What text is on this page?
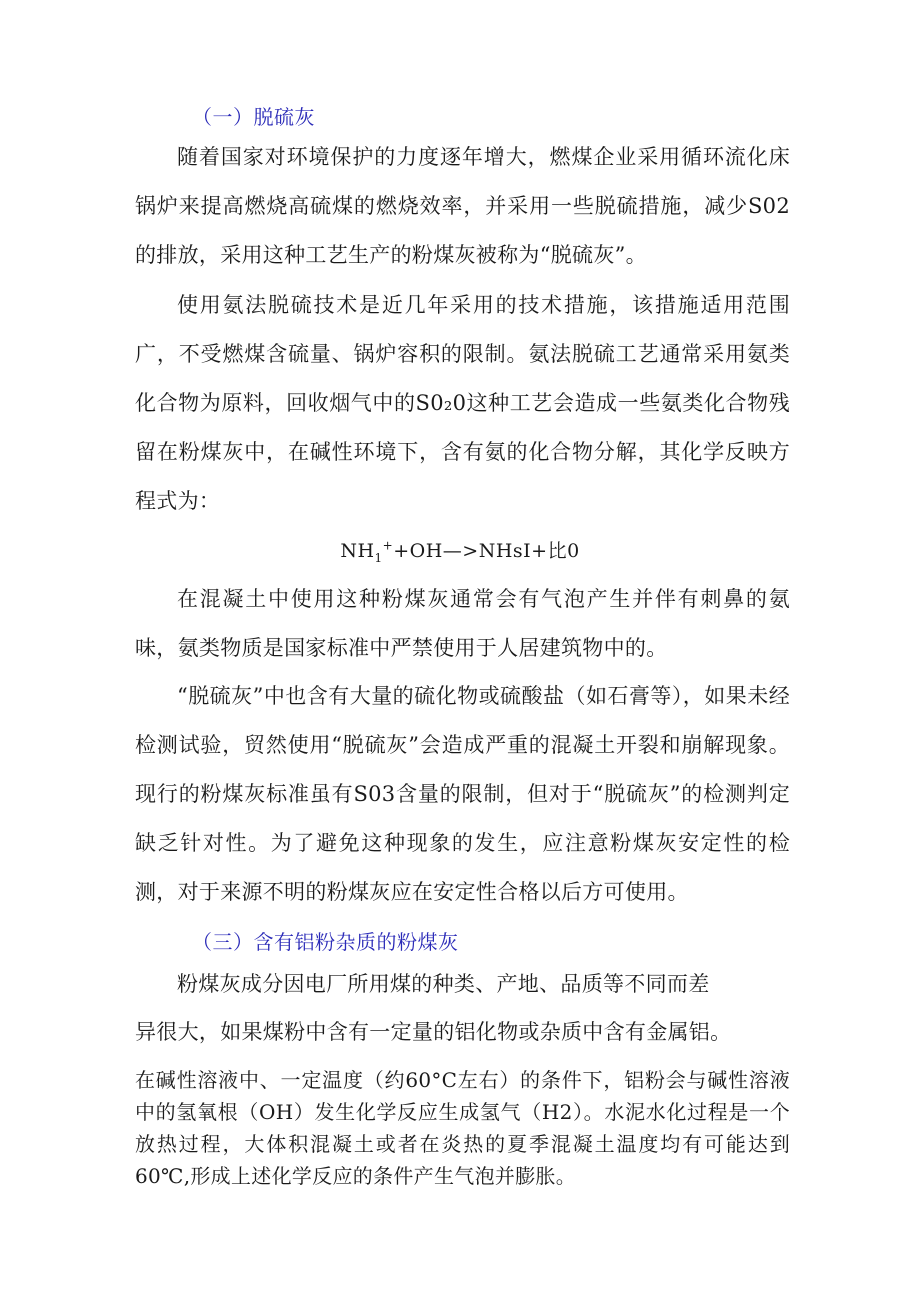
（一）脱硫灰
随着国家对环境保护的力度逐年增大，燃煤企业采用循环流化床锅炉来提高燃烧高硫煤的燃烧效率，并采用一些脱硫措施，减少S02的排放，采用这种工艺生产的粉煤灰被称为“脱硫灰”。
使用氨法脱硫技术是近几年采用的技术措施，该措施适用范围广，不受燃煤含硫量、锅炉容积的限制。氨法脱硫工艺通常采用氨类化合物为原料，回收烟气中的S0₂0这种工艺会造成一些氨类化合物残留在粉煤灰中，在碱性环境下，含有氨的化合物分解，其化学反映方程式为：
$NH_1^++OH—>NHsI+$比0
在混凝土中使用这种粉煤灰通常会有气泡产生并伴有刺鼻的氨味，氨类物质是国家标准中严禁使用于人居建筑物中的。
“脱硫灰”中也含有大量的硫化物或硫酸盐（如石膏等），如果未经检测试验，贸然使用“脱硫灰”会造成严重的混凝土开裂和崩解现象。现行的粉煤灰标准虽有S03含量的限制，但对于“脱硫灰”的检测判定缺乏针对性。为了避免这种现象的发生，应注意粉煤灰安定性的检测，对于来源不明的粉煤灰应在安定性合格以后方可使用。
（三）含有铝粉杂质的粉煤灰
粉煤灰成分因电厂所用煤的种类、产地、品质等不同而差
异很大，如果煤粉中含有一定量的铝化物或杂质中含有金属铝。
在碱性溶液中、一定温度（约60°C左右）的条件下，铝粉会与碱性溶液中的氢氧根（OH）发生化学反应生成氢气（H2）。水泥水化过程是一个放热过程，大体积混凝土或者在炎热的夏季混凝土温度均有可能达到60℃,形成上述化学反应的条件产生气泡并膨胀。
